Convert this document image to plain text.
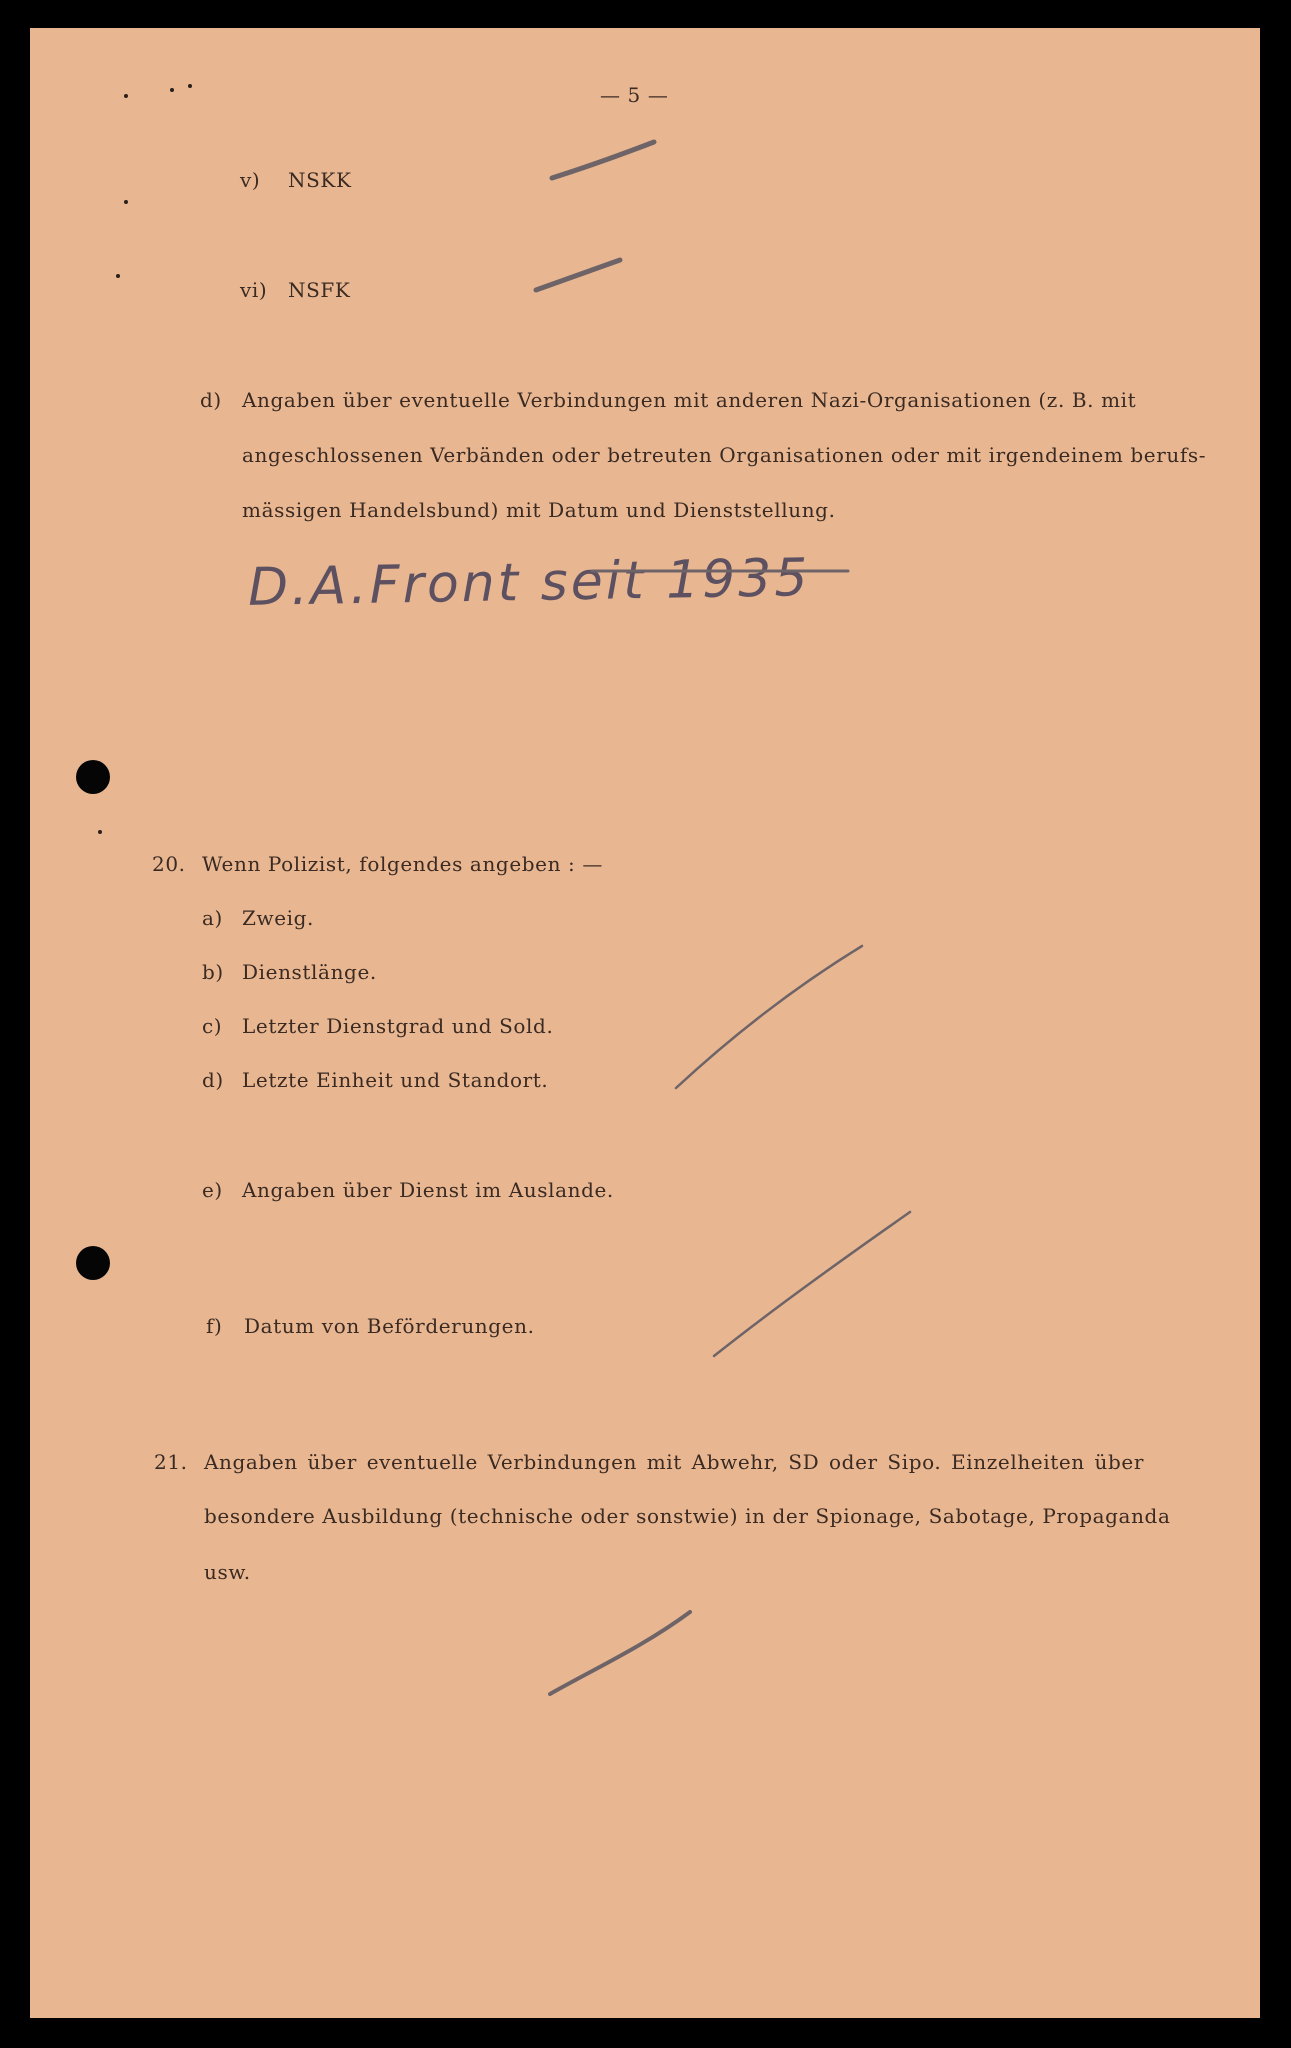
— 5 —
v) NSKK
vi) NSFK
d) Angaben über eventuelle Verbindungen mit anderen Nazi-Organisationen (z. B. mit
angeschlossenen Verbänden oder betreuten Organisationen oder mit irgendeinem berufs-
mässigen Handelsbund) mit Datum und Dienststellung.
D.A.Front seit 1935
20. Wenn Polizist, folgendes angeben : —
a) Zweig.
b) Dienstlänge.
c) Letzter Dienstgrad und Sold.
d) Letzte Einheit und Standort.
e) Angaben über Dienst im Auslande.
f) Datum von Beförderungen.
21. Angaben über eventuelle Verbindungen mit Abwehr, SD oder Sipo. Einzelheiten über
besondere Ausbildung (technische oder sonstwie) in der Spionage, Sabotage, Propaganda
usw.
